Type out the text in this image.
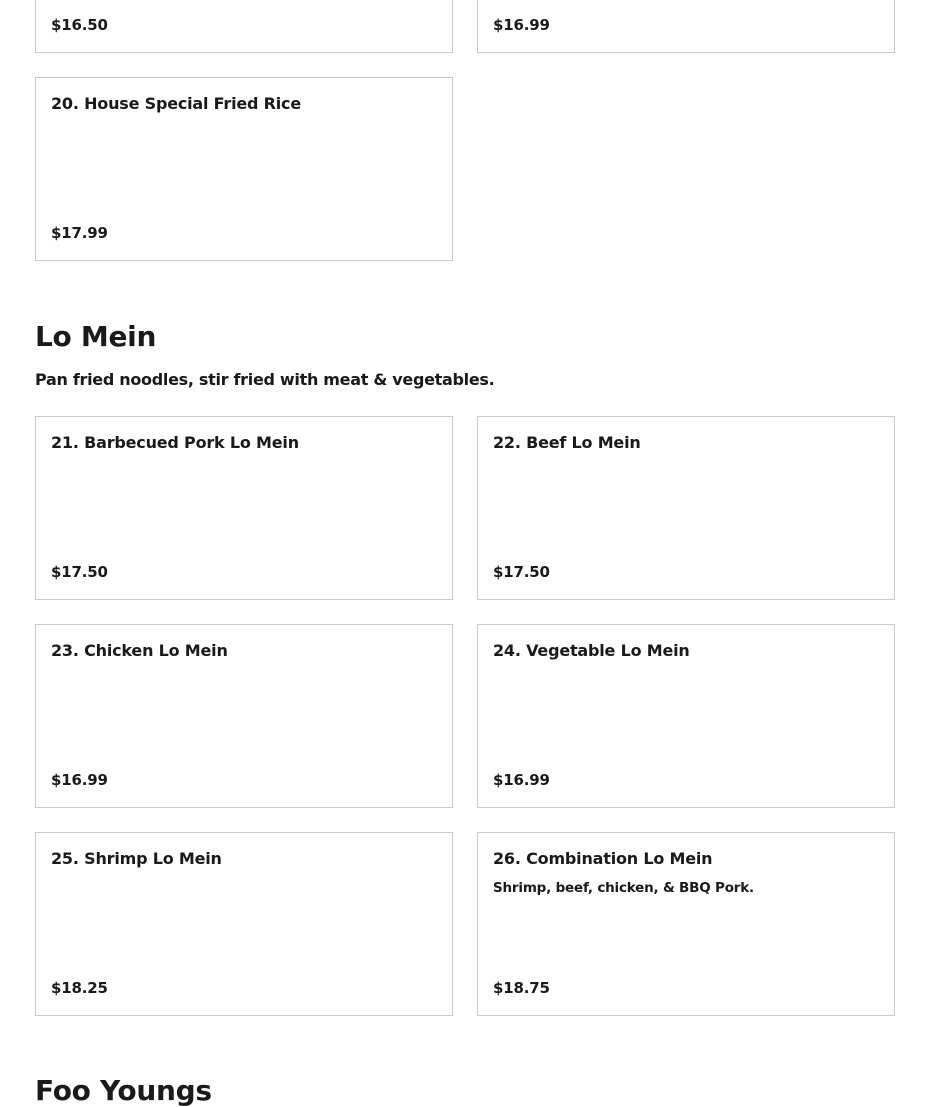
$16.50	$16.99
20. House Special Fried Rice
$17.99
Lo Mein

Pan fried noodles, stir fried with meat & vegetables.

21. Barbecued Pork Lo Mein
$17.50
22. Beef Lo Mein
$17.50
23. Chicken Lo Mein
$16.99
24. Vegetable Lo Mein
$16.99
25. Shrimp Lo Mein
$18.25
26. Combination Lo Mein
Shrimp, beef, chicken, & BBQ Pork.
$18.75
Foo Youngs
